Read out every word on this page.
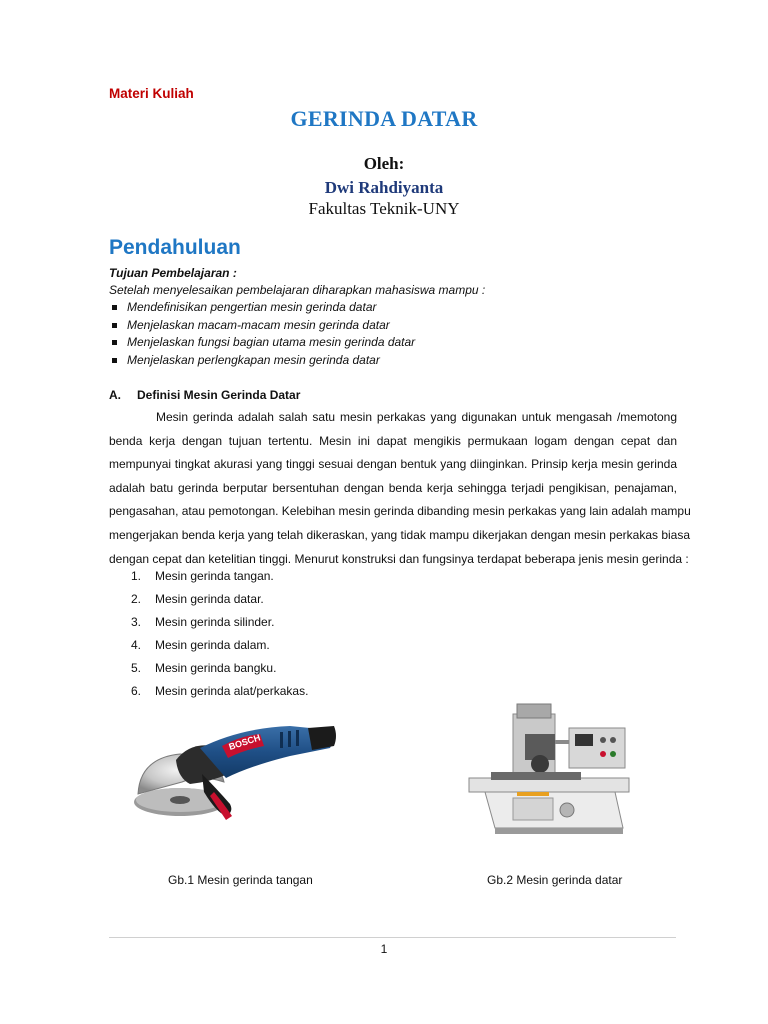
Materi Kuliah
GERINDA DATAR
Oleh:
Dwi Rahdiyanta
Fakultas Teknik-UNY
Pendahuluan
Tujuan Pembelajaran :
Setelah menyelesaikan pembelajaran diharapkan mahasiswa mampu :
Mendefinisikan pengertian mesin gerinda datar
Menjelaskan macam-macam mesin gerinda datar
Menjelaskan fungsi bagian utama mesin gerinda datar
Menjelaskan perlengkapan mesin gerinda datar
A. Definisi Mesin Gerinda Datar
Mesin gerinda adalah salah satu mesin perkakas yang digunakan untuk mengasah /memotong
benda kerja dengan tujuan tertentu. Mesin ini dapat mengikis permukaan logam dengan cepat dan
mempunyai tingkat akurasi yang tinggi sesuai dengan bentuk yang diinginkan. Prinsip kerja mesin gerinda
adalah batu gerinda berputar bersentuhan dengan benda kerja sehingga terjadi pengikisan, penajaman,
pengasahan, atau pemotongan. Kelebihan mesin gerinda dibanding mesin perkakas yang lain adalah mampu
mengerjakan benda kerja yang telah dikeraskan, yang tidak mampu dikerjakan dengan mesin perkakas biasa
dengan cepat dan ketelitian tinggi. Menurut konstruksi dan fungsinya terdapat beberapa jenis mesin gerinda :
1. Mesin gerinda tangan.
2. Mesin gerinda datar.
3. Mesin gerinda silinder.
4. Mesin gerinda dalam.
5. Mesin gerinda bangku.
6. Mesin gerinda alat/perkakas.
BOSCH
Gb.1 Mesin gerinda tangan	Gb.2 Mesin gerinda datar
1
